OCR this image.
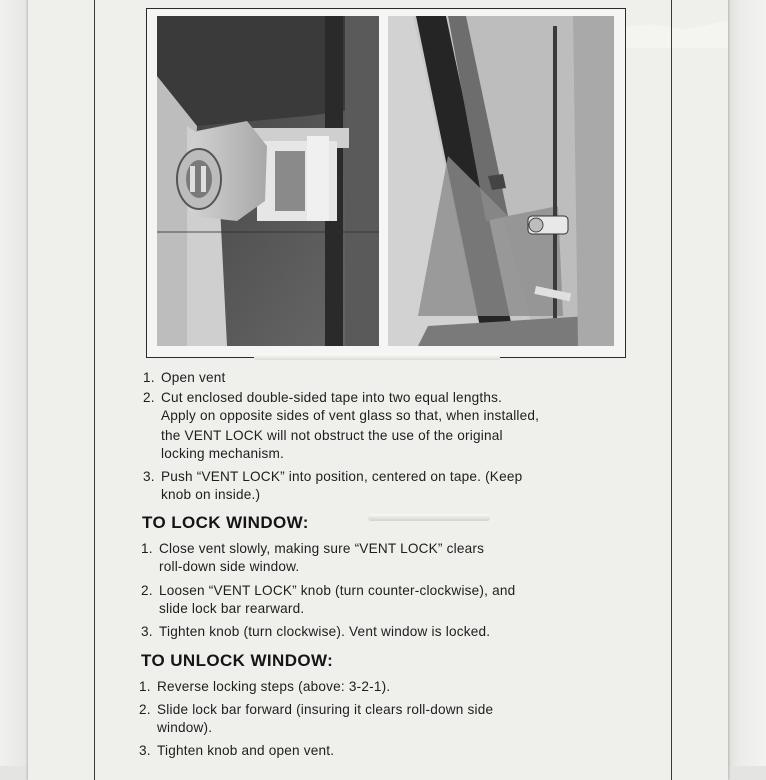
1. Open vent
2. Cut enclosed double-sided tape into two equal lengths.
Apply on opposite sides of vent glass so that, when installed,
the VENT LOCK will not obstruct the use of the original
locking mechanism.
3. Push “VENT LOCK” into position, centered on tape. (Keep
knob on inside.)
TO LOCK WINDOW:
1. Close vent slowly, making sure “VENT LOCK” clears
roll-down side window.
2. Loosen “VENT LOCK” knob (turn counter-clockwise), and
slide lock bar rearward.
3. Tighten knob (turn clockwise). Vent window is locked.
TO UNLOCK WINDOW:
1. Reverse locking steps (above: 3-2-1).
2. Slide lock bar forward (insuring it clears roll-down side
window).
3. Tighten knob and open vent.
